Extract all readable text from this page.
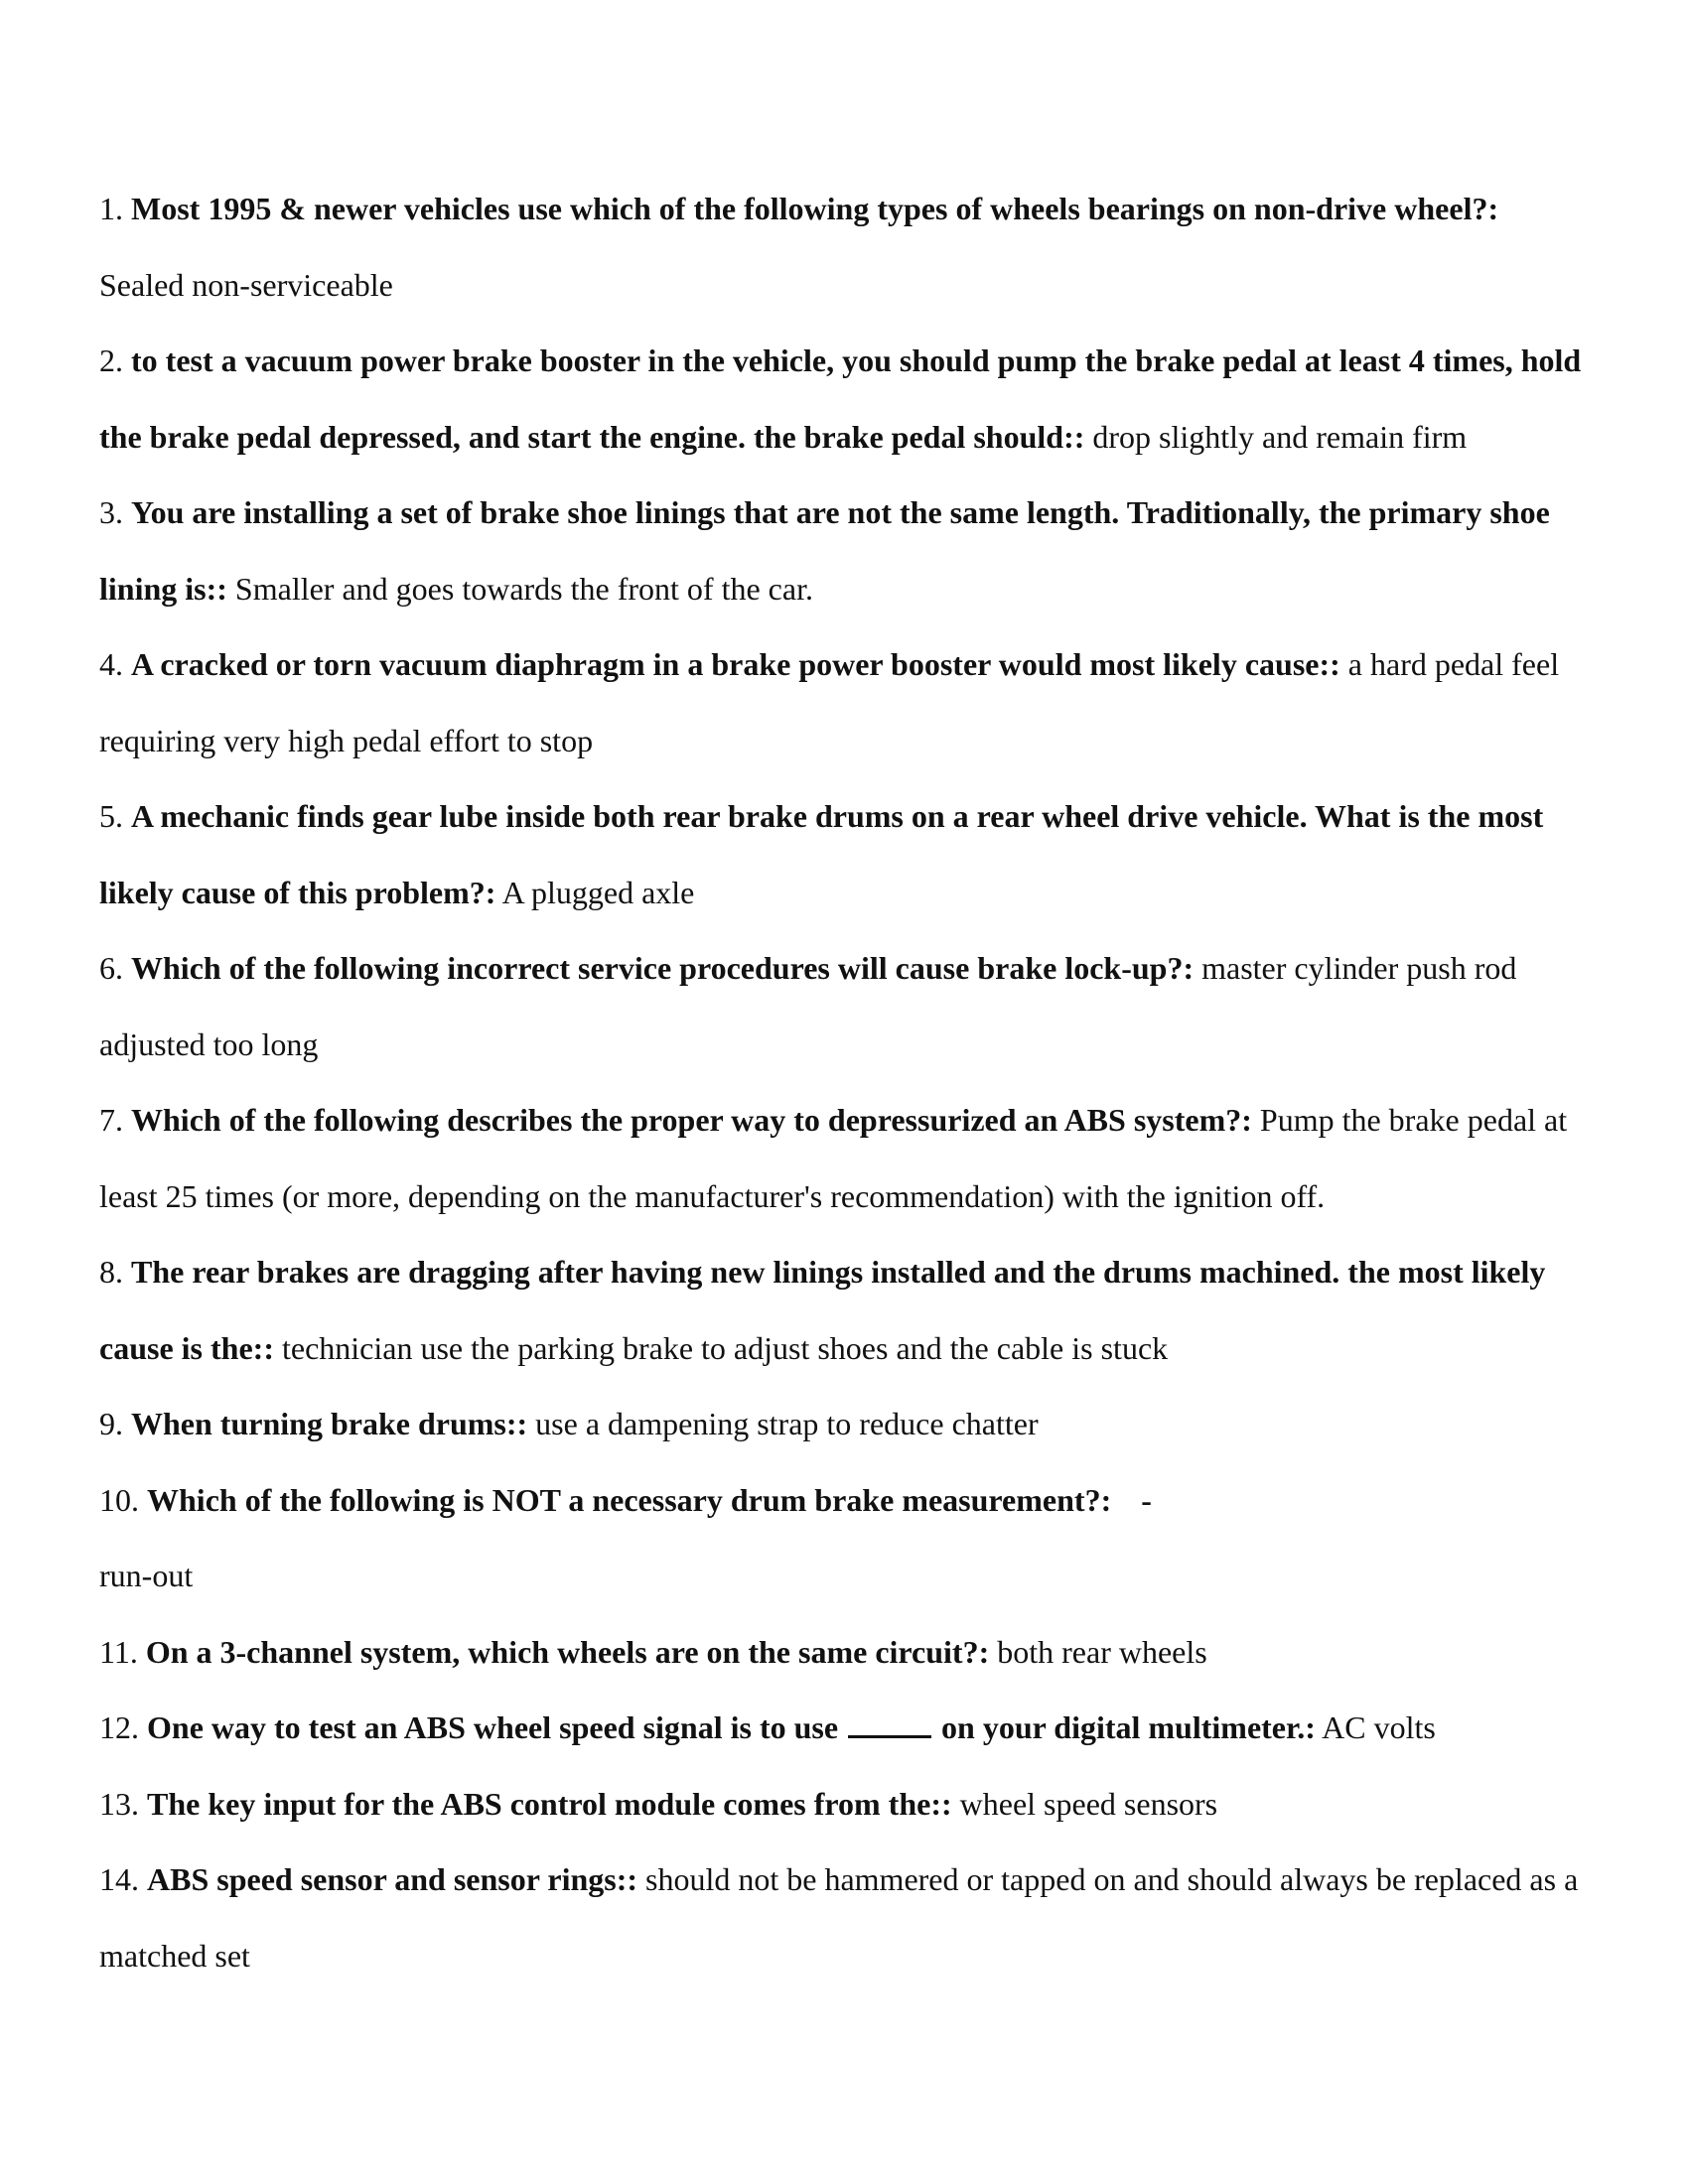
1. Most 1995 & newer vehicles use which of the following types of wheels bearings on non-drive wheel?:
Sealed non-serviceable

2. to test a vacuum power brake booster in the vehicle, you should pump the brake pedal at least 4 times, hold the brake pedal depressed, and start the engine. the brake pedal should:: drop slightly and remain firm

3. You are installing a set of brake shoe linings that are not the same length. Traditionally, the primary shoe lining is:: Smaller and goes towards the front of the car.

4. A cracked or torn vacuum diaphragm in a brake power booster would most likely cause:: a hard pedal feel requiring very high pedal effort to stop

5. A mechanic finds gear lube inside both rear brake drums on a rear wheel drive vehicle. What is the most likely cause of this problem?: A plugged axle

6. Which of the following incorrect service procedures will cause brake lock-up?: master cylinder push rod adjusted too long

7. Which of the following describes the proper way to depressurized an ABS system?: Pump the brake pedal at least 25 times (or more, depending on the manufacturer's recommendation) with the ignition off.

8. The rear brakes are dragging after having new linings installed and the drums machined. the most likely cause is the:: technician use the parking brake to adjust shoes and the cable is stuck

9. When turning brake drums:: use a dampening strap to reduce chatter

10. Which of the following is NOT a necessary drum brake measurement?: -
run-out

11. On a 3-channel system, which wheels are on the same circuit?: both rear wheels

12. One way to test an ABS wheel speed signal is to use	on your digital multimeter.: AC volts

13. The key input for the ABS control module comes from the:: wheel speed sensors

14. ABS speed sensor and sensor rings:: should not be hammered or tapped on and should always be replaced as a matched set
